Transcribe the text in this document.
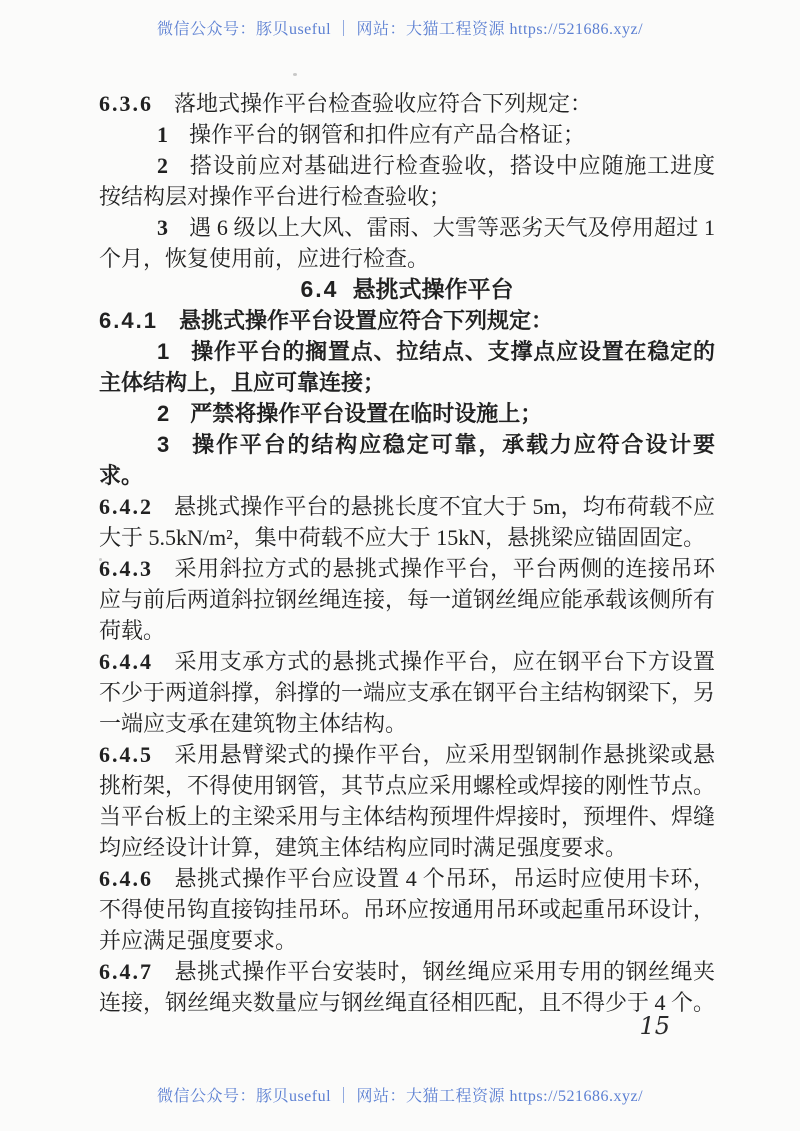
微信公众号：豚贝useful ｜ 网站：大猫工程资源 https://521686.xyz/

6.3.6 落地式操作平台检查验收应符合下列规定：

1 操作平台的钢管和扣件应有产品合格证；

2 搭设前应对基础进行检查验收，搭设中应随施工进度按结构层对操作平台进行检查验收；

3 遇 6 级以上大风、雷雨、大雪等恶劣天气及停用超过 1 个月，恢复使用前，应进行检查。

6.4 悬挑式操作平台

6.4.1 悬挑式操作平台设置应符合下列规定：

1 操作平台的搁置点、拉结点、支撑点应设置在稳定的主体结构上，且应可靠连接；

2 严禁将操作平台设置在临时设施上；

3 操作平台的结构应稳定可靠，承载力应符合设计要求。

6.4.2 悬挑式操作平台的悬挑长度不宜大于 5m，均布荷载不应大于 5.5kN/m²，集中荷载不应大于 15kN，悬挑梁应锚固固定。

6.4.3 采用斜拉方式的悬挑式操作平台，平台两侧的连接吊环应与前后两道斜拉钢丝绳连接，每一道钢丝绳应能承载该侧所有荷载。

6.4.4 采用支承方式的悬挑式操作平台，应在钢平台下方设置不少于两道斜撑，斜撑的一端应支承在钢平台主结构钢梁下，另一端应支承在建筑物主体结构。

6.4.5 采用悬臂梁式的操作平台，应采用型钢制作悬挑梁或悬挑桁架，不得使用钢管，其节点应采用螺栓或焊接的刚性节点。当平台板上的主梁采用与主体结构预埋件焊接时，预埋件、焊缝均应经设计计算，建筑主体结构应同时满足强度要求。

6.4.6 悬挑式操作平台应设置 4 个吊环，吊运时应使用卡环，不得使吊钩直接钩挂吊环。吊环应按通用吊环或起重吊环设计，并应满足强度要求。

6.4.7 悬挑式操作平台安装时，钢丝绳应采用专用的钢丝绳夹连接，钢丝绳夹数量应与钢丝绳直径相匹配，且不得少于 4 个。

15
微信公众号：豚贝useful ｜ 网站：大猫工程资源 https://521686.xyz/
